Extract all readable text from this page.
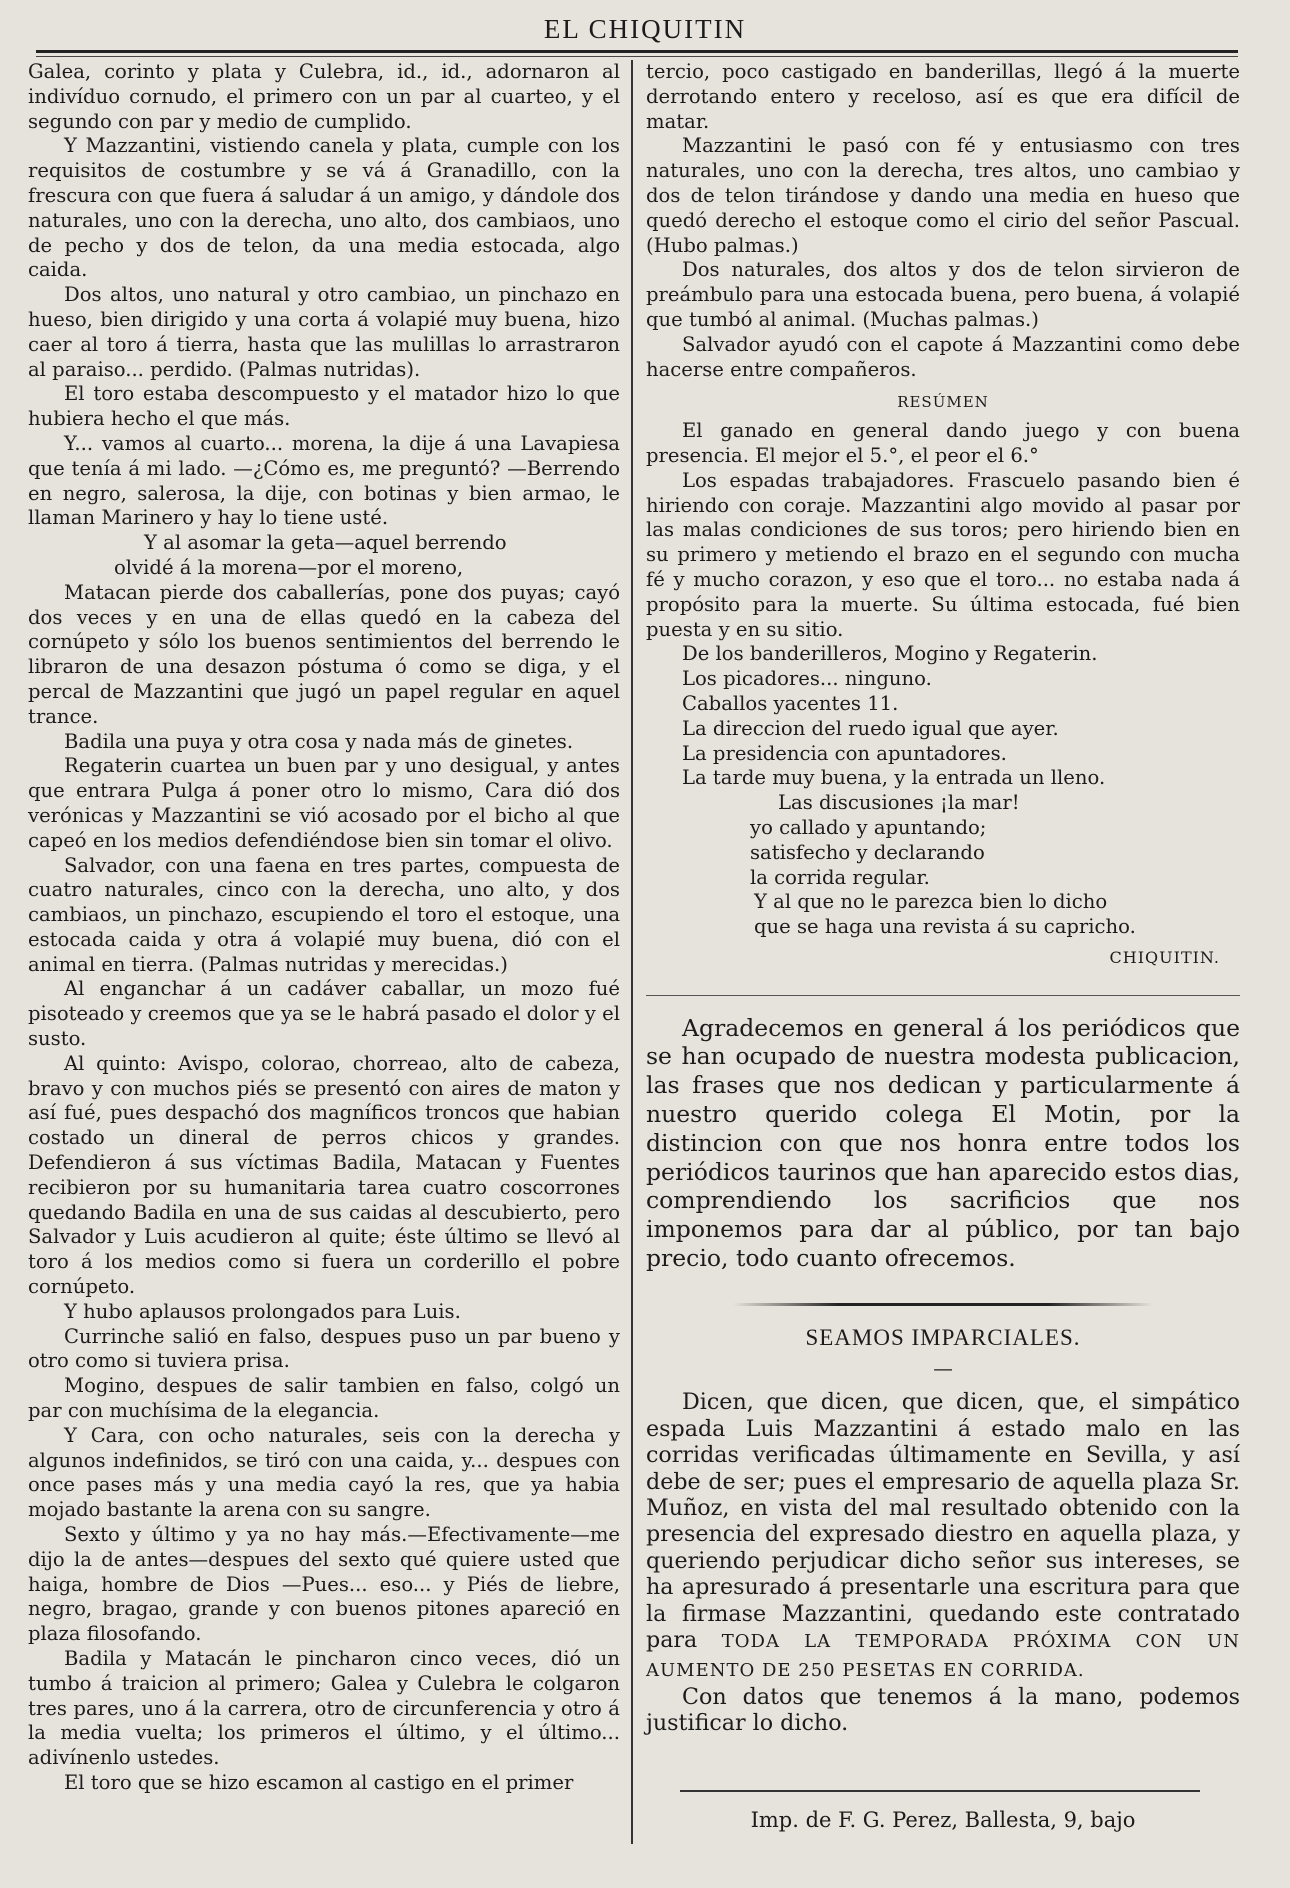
EL CHIQUITIN

Galea, corinto y plata y Culebra, id., id., adornaron al indivíduo cornudo, el primero con un par al cuarteo, y el segundo con par y medio de cumplido.

Y Mazzantini, vistiendo canela y plata, cumple con los requisitos de costumbre y se vá á Granadillo, con la frescura con que fuera á saludar á un amigo, y dándole dos naturales, uno con la derecha, uno alto, dos cambiaos, uno de pecho y dos de telon, da una media estocada, algo caida.

Dos altos, uno natural y otro cambiao, un pinchazo en hueso, bien dirigido y una corta á volapié muy buena, hizo caer al toro á tierra, hasta que las mulillas lo arrastraron al paraiso... perdido. (Palmas nutridas).

El toro estaba descompuesto y el matador hizo lo que hubiera hecho el que más.

Y... vamos al cuarto... morena, la dije á una Lavapiesa que tenía á mi lado. —¿Cómo es, me preguntó? —Berrendo en negro, salerosa, la dije, con botinas y bien armao, le llaman Marinero y hay lo tiene usté.

Y al asomar la geta—aquel berrendo

olvidé á la morena—por el moreno,

Matacan pierde dos caballerías, pone dos puyas; cayó dos veces y en una de ellas quedó en la cabeza del cornúpeto y sólo los buenos sentimientos del berrendo le libraron de una desazon póstuma ó como se diga, y el percal de Mazzantini que jugó un papel regular en aquel trance.

Badila una puya y otra cosa y nada más de ginetes.

Regaterin cuartea un buen par y uno desigual, y antes que entrara Pulga á poner otro lo mismo, Cara dió dos verónicas y Mazzantini se vió acosado por el bicho al que capeó en los medios defendiéndose bien sin tomar el olivo.

Salvador, con una faena en tres partes, compuesta de cuatro naturales, cinco con la derecha, uno alto, y dos cambiaos, un pinchazo, escupiendo el toro el estoque, una estocada caida y otra á volapié muy buena, dió con el animal en tierra. (Palmas nutridas y merecidas.)

Al enganchar á un cadáver caballar, un mozo fué pisoteado y creemos que ya se le habrá pasado el dolor y el susto.

Al quinto: Avispo, colorao, chorreao, alto de cabeza, bravo y con muchos piés se presentó con aires de maton y así fué, pues despachó dos magníficos troncos que habian costado un dineral de perros chicos y grandes. Defendieron á sus víctimas Badila, Matacan y Fuentes recibieron por su humanitaria tarea cuatro coscorrones quedando Badila en una de sus caidas al descubierto, pero Salvador y Luis acudieron al quite; éste último se llevó al toro á los medios como si fuera un corderillo el pobre cornúpeto.

Y hubo aplausos prolongados para Luis.

Currinche salió en falso, despues puso un par bueno y otro como si tuviera prisa.

Mogino, despues de salir tambien en falso, colgó un par con muchísima de la elegancia.

Y Cara, con ocho naturales, seis con la derecha y algunos indefinidos, se tiró con una caida, y... despues con once pases más y una media cayó la res, que ya habia mojado bastante la arena con su sangre.

Sexto y último y ya no hay más.—Efectivamente—me dijo la de antes—despues del sexto qué quiere usted que haiga, hombre de Dios —Pues... eso... y Piés de liebre, negro, bragao, grande y con buenos pitones apareció en plaza filosofando.

Badila y Matacán le pincharon cinco veces, dió un tumbo á traicion al primero; Galea y Culebra le colgaron tres pares, uno á la carrera, otro de circunferencia y otro á la media vuelta; los primeros el último, y el último... adivínenlo ustedes.

El toro que se hizo escamon al castigo en el primer

tercio, poco castigado en banderillas, llegó á la muerte derrotando entero y receloso, así es que era difícil de matar.

Mazzantini le pasó con fé y entusiasmo con tres naturales, uno con la derecha, tres altos, uno cambiao y dos de telon tirándose y dando una media en hueso que quedó derecho el estoque como el cirio del señor Pascual. (Hubo palmas.)

Dos naturales, dos altos y dos de telon sirvieron de preámbulo para una estocada buena, pero buena, á volapié que tumbó al animal. (Muchas palmas.)

Salvador ayudó con el capote á Mazzantini como debe hacerse entre compañeros.

RESÚMEN

El ganado en general dando juego y con buena presencia. El mejor el 5.°, el peor el 6.°

Los espadas trabajadores. Frascuelo pasando bien é hiriendo con coraje. Mazzantini algo movido al pasar por las malas condiciones de sus toros; pero hiriendo bien en su primero y metiendo el brazo en el segundo con mucha fé y mucho corazon, y eso que el toro... no estaba nada á propósito para la muerte. Su última estocada, fué bien puesta y en su sitio.

De los banderilleros, Mogino y Regaterin.

Los picadores... ninguno.

Caballos yacentes 11.

La direccion del ruedo igual que ayer.

La presidencia con apuntadores.

La tarde muy buena, y la entrada un lleno.

Las discusiones ¡la mar!

yo callado y apuntando;

satisfecho y declarando

la corrida regular.

Y al que no le parezca bien lo dicho

que se haga una revista á su capricho.

CHIQUITIN.

Agradecemos en general á los periódicos que se han ocupado de nuestra modesta publicacion, las frases que nos dedican y particularmente á nuestro querido colega El Motin, por la distincion con que nos honra entre todos los periódicos taurinos que han aparecido estos dias, comprendiendo los sacrificios que nos imponemos para dar al público, por tan bajo precio, todo cuanto ofrecemos.

SEAMOS IMPARCIALES.
—

Dicen, que dicen, que dicen, que, el simpático espada Luis Mazzantini á estado malo en las corridas verificadas últimamente en Sevilla, y así debe de ser; pues el empresario de aquella plaza Sr. Muñoz, en vista del mal resultado obtenido con la presencia del expresado diestro en aquella plaza, y queriendo perjudicar dicho señor sus intereses, se ha apresurado á presentarle una escritura para que la firmase Mazzantini, quedando este contratado para TODA LA TEMPORADA PRÓXIMA CON UN AUMENTO DE 250 PESETAS EN CORRIDA.

Con datos que tenemos á la mano, podemos justificar lo dicho.

Imp. de F. G. Perez, Ballesta, 9, bajo
